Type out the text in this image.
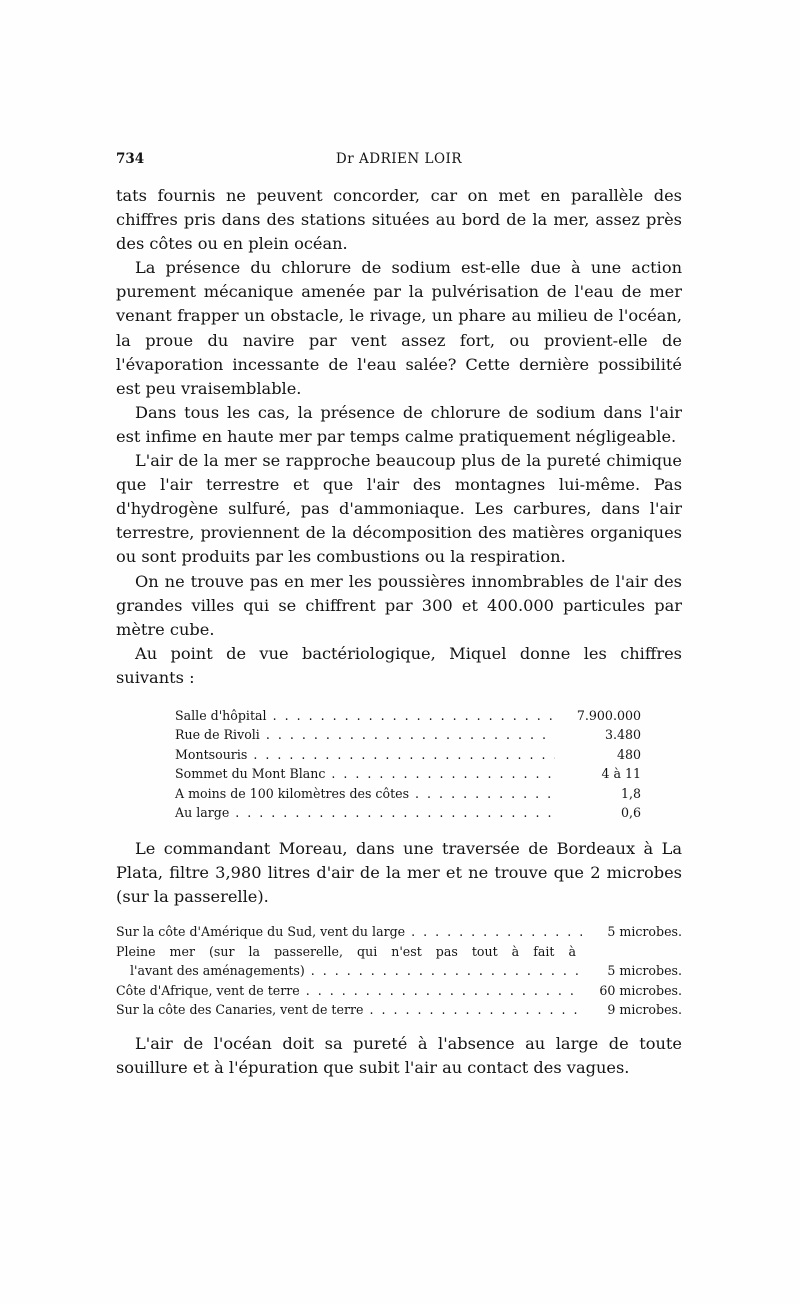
734	Dr ADRIEN LOIR

tats fournis ne peuvent concorder, car on met en parallèle des chiffres pris dans des stations situées au bord de la mer, assez près des côtes ou en plein océan.

La présence du chlorure de sodium est-elle due à une action purement mécanique amenée par la pulvérisation de l'eau de mer venant frapper un obstacle, le rivage, un phare au milieu de l'océan, la proue du navire par vent assez fort, ou provient-elle de l'évaporation incessante de l'eau salée? Cette dernière possibilité est peu vraisemblable.

Dans tous les cas, la présence de chlorure de sodium dans l'air est infime en haute mer par temps calme pratiquement négligeable.

L'air de la mer se rapproche beaucoup plus de la pureté chimique que l'air terrestre et que l'air des montagnes lui-même. Pas d'hydrogène sulfuré, pas d'ammoniaque. Les carbures, dans l'air terrestre, proviennent de la décomposition des matières organiques ou sont produits par les combustions ou la respiration.

On ne trouve pas en mer les poussières innombrables de l'air des grandes villes qui se chiffrent par 300 et 400.000 particules par mètre cube.

Au point de vue bactériologique, Miquel donne les chiffres suivants :

Salle d'hôpital . . .	7.900.000
Rue de Rivoli . . .	3.480
Montsouris . . .	480
Sommet du Mont Blanc . . .	4 à 11
A moins de 100 kilomètres des côtes . . .	1,8
Au large . . .	0,6

Le commandant Moreau, dans une traversée de Bordeaux à La Plata, filtre 3,980 litres d'air de la mer et ne trouve que 2 microbes (sur la passerelle).

Sur la côte d'Amérique du Sud, vent du large . . .	5 microbes.
Pleine mer (sur la passerelle, qui n'est pas tout à fait à
l'avant des aménagements) . . .	5 microbes.
Côte d'Afrique, vent de terre . . .	60 microbes.
Sur la côte des Canaries, vent de terre . . .	9 microbes.

L'air de l'océan doit sa pureté à l'absence au large de toute souillure et à l'épuration que subit l'air au contact des vagues.
